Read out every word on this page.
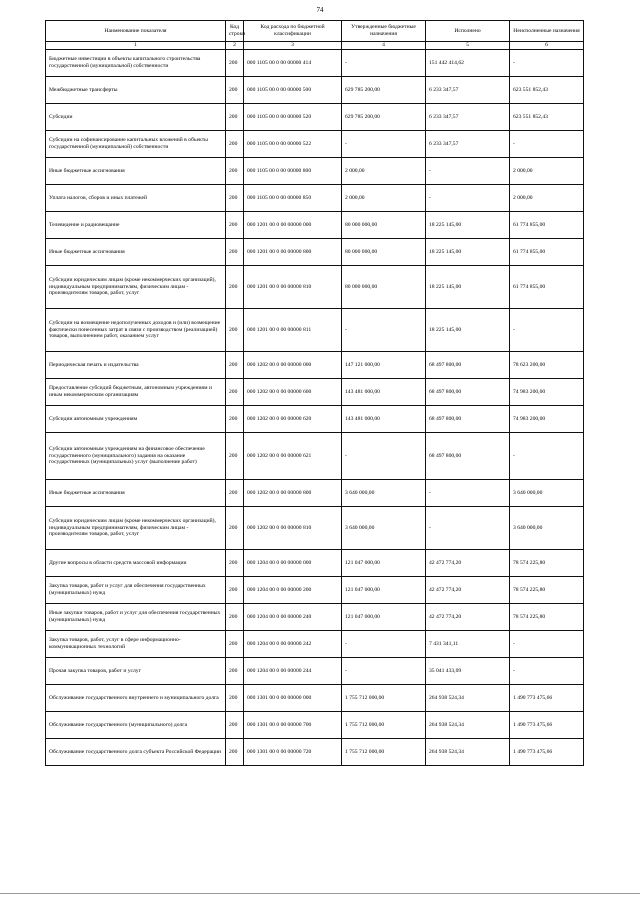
74
Наименование показателя	Код строки	Код расхода по бюджетной классификации	Утвержденные бюджетные назначения	Исполнено	Неисполненные назначения
1	2	3	4	5	6
Бюджетные инвестиции в объекты капитального строительства государственной (муниципальной) собственности	200	000 1105 00 0 00 00000 414	-	151 442 414,62	-
Межбюджетные трансферты	200	000 1105 00 0 00 00000 500	629 785 200,00	6 233 347,57	623 551 852,43
Субсидии	200	000 1105 00 0 00 00000 520	629 785 200,00	6 233 347,57	623 551 852,43
Субсидии на софинансирование капитальных вложений в объекты государственной (муниципальной) собственности	200	000 1105 00 0 00 00000 522	-	6 233 347,57	-
Иные бюджетные ассигнования	200	000 1105 00 0 00 00000 800	2 000,00	-	2 000,00
Уплата налогов, сборов и иных платежей	200	000 1105 00 0 00 00000 850	2 000,00	-	2 000,00
Телевидение и радиовещание	200	000 1201 00 0 00 00000 000	80 000 000,00	18 225 145,00	61 774 855,00
Иные бюджетные ассигнования	200	000 1201 00 0 00 00000 800	80 000 000,00	18 225 145,00	61 774 855,00
Субсидии юридическим лицам (кроме некоммерческих организаций), индивидуальным предпринимателям, физическим лицам - производителям товаров, работ, услуг	200	000 1201 00 0 00 00000 810	80 000 000,00	18 225 145,00	61 774 855,00
Субсидии на возмещение недополученных доходов и (или) возмещение фактически понесенных затрат в связи с производством (реализацией) товаров, выполнением работ, оказанием услуг	200	000 1201 00 0 00 00000 811	-	18 225 145,00	-
Периодическая печать и издательства	200	000 1202 00 0 00 00000 000	147 121 000,00	68 497 800,00	78 623 200,00
Предоставление субсидий бюджетным, автономным учреждениям и иным некоммерческим организациям	200	000 1202 00 0 00 00000 600	143 481 000,00	68 497 800,00	74 983 200,00
Субсидии автономным учреждениям	200	000 1202 00 0 00 00000 620	143 481 000,00	68 497 800,00	74 983 200,00
Субсидии автономным учреждениям на финансовое обеспечение государственного (муниципального) задания на оказание государственных (муниципальных) услуг (выполнение работ)	200	000 1202 00 0 00 00000 621	-	68 497 800,00	-
Иные бюджетные ассигнования	200	000 1202 00 0 00 00000 800	3 640 000,00	-	3 640 000,00
Субсидии юридическим лицам (кроме некоммерческих организаций), индивидуальным предпринимателям, физическим лицам - производителям товаров, работ, услуг	200	000 1202 00 0 00 00000 810	3 640 000,00	-	3 640 000,00
Другие вопросы в области средств массовой информации	200	000 1204 00 0 00 00000 000	121 047 000,00	42 472 774,20	78 574 225,80
Закупка товаров, работ и услуг для обеспечения государственных (муниципальных) нужд	200	000 1204 00 0 00 00000 200	121 047 000,00	42 472 774,20	78 574 225,80
Иные закупки товаров, работ и услуг для обеспечения государственных (муниципальных) нужд	200	000 1204 00 0 00 00000 240	121 047 000,00	42 472 774,20	78 574 225,80
Закупка товаров, работ, услуг в сфере информационно-коммуникационных технологий	200	000 1204 00 0 00 00000 242	-	7 431 341,11	-
Прочая закупка товаров, работ и услуг	200	000 1204 00 0 00 00000 244	-	35 041 433,09	-
Обслуживание государственного внутреннего и муниципального долга	200	000 1301 00 0 00 00000 000	1 755 712 000,00	264 938 524,34	1 490 773 475,66
Обслуживание государственного (муниципального) долга	200	000 1301 00 0 00 00000 700	1 755 712 000,00	264 938 524,34	1 490 773 475,66
Обслуживание государственного долга субъекта Российской Федерации	200	000 1301 00 0 00 00000 720	1 755 712 000,00	264 938 524,34	1 490 773 475,66
